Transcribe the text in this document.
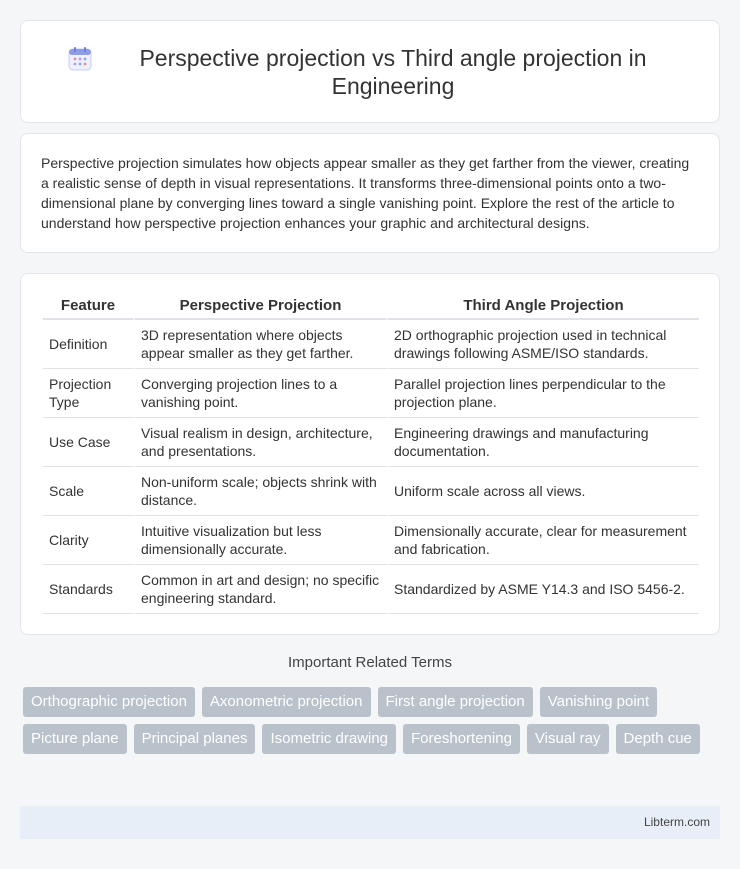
Perspective projection vs Third angle projection in Engineering

Perspective projection simulates how objects appear smaller as they get farther from the viewer, creating a realistic sense of depth in visual representations. It transforms three-dimensional points onto a two-dimensional plane by converging lines toward a single vanishing point. Explore the rest of the article to understand how perspective projection enhances your graphic and architectural designs.

Feature	Perspective Projection	Third Angle Projection
Definition	3D representation where objects appear smaller as they get farther.	2D orthographic projection used in technical drawings following ASME/ISO standards.
Projection Type	Converging projection lines to a vanishing point.	Parallel projection lines perpendicular to the projection plane.
Use Case	Visual realism in design, architecture, and presentations.	Engineering drawings and manufacturing documentation.
Scale	Non-uniform scale; objects shrink with distance.	Uniform scale across all views.
Clarity	Intuitive visualization but less dimensionally accurate.	Dimensionally accurate, clear for measurement and fabrication.
Standards	Common in art and design; no specific engineering standard.	Standardized by ASME Y14.3 and ISO 5456-2.
Important Related Terms
Orthographic projection	Axonometric projection	First angle projection	Vanishing point
Picture plane	Principal planes	Isometric drawing	Foreshortening	Visual ray	Depth cue
Libterm.com
